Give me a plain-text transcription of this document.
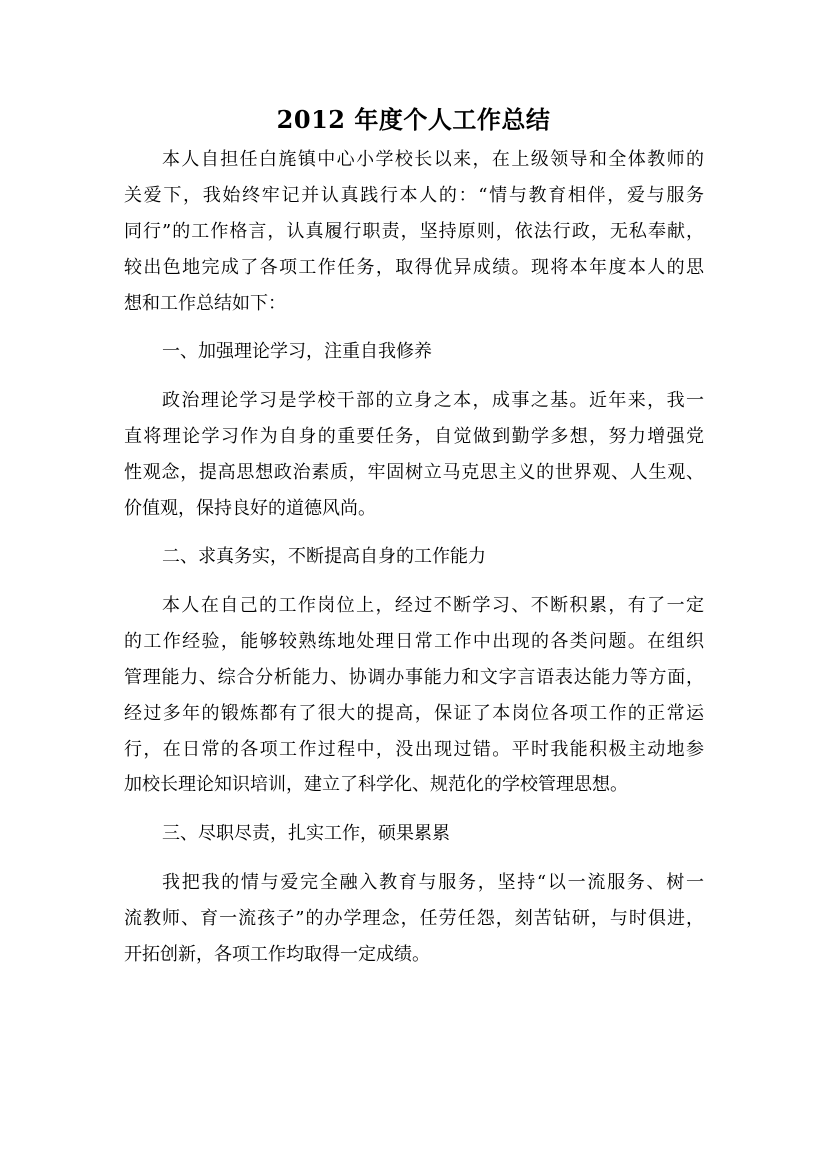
2012 年度个人工作总结
本人自担任白旄镇中心小学校长以来，在上级领导和全体教师的
关爱下，我始终牢记并认真践行本人的：“情与教育相伴，爱与服务
同行”的工作格言，认真履行职责，坚持原则，依法行政，无私奉献，
较出色地完成了各项工作任务，取得优异成绩。现将本年度本人的思
想和工作总结如下：
一、加强理论学习，注重自我修养
政治理论学习是学校干部的立身之本，成事之基。近年来，我一
直将理论学习作为自身的重要任务，自觉做到勤学多想，努力增强党
性观念，提高思想政治素质，牢固树立马克思主义的世界观、人生观、
价值观，保持良好的道德风尚。
二、求真务实，不断提高自身的工作能力
本人在自己的工作岗位上，经过不断学习、不断积累，有了一定
的工作经验，能够较熟练地处理日常工作中出现的各类问题。在组织
管理能力、综合分析能力、协调办事能力和文字言语表达能力等方面，
经过多年的锻炼都有了很大的提高，保证了本岗位各项工作的正常运
行，在日常的各项工作过程中，没出现过错。平时我能积极主动地参
加校长理论知识培训，建立了科学化、规范化的学校管理思想。
三、尽职尽责，扎实工作，硕果累累
我把我的情与爱完全融入教育与服务，坚持“以一流服务、树一
流教师、育一流孩子”的办学理念，任劳任怨，刻苦钻研，与时俱进，
开拓创新，各项工作均取得一定成绩。
